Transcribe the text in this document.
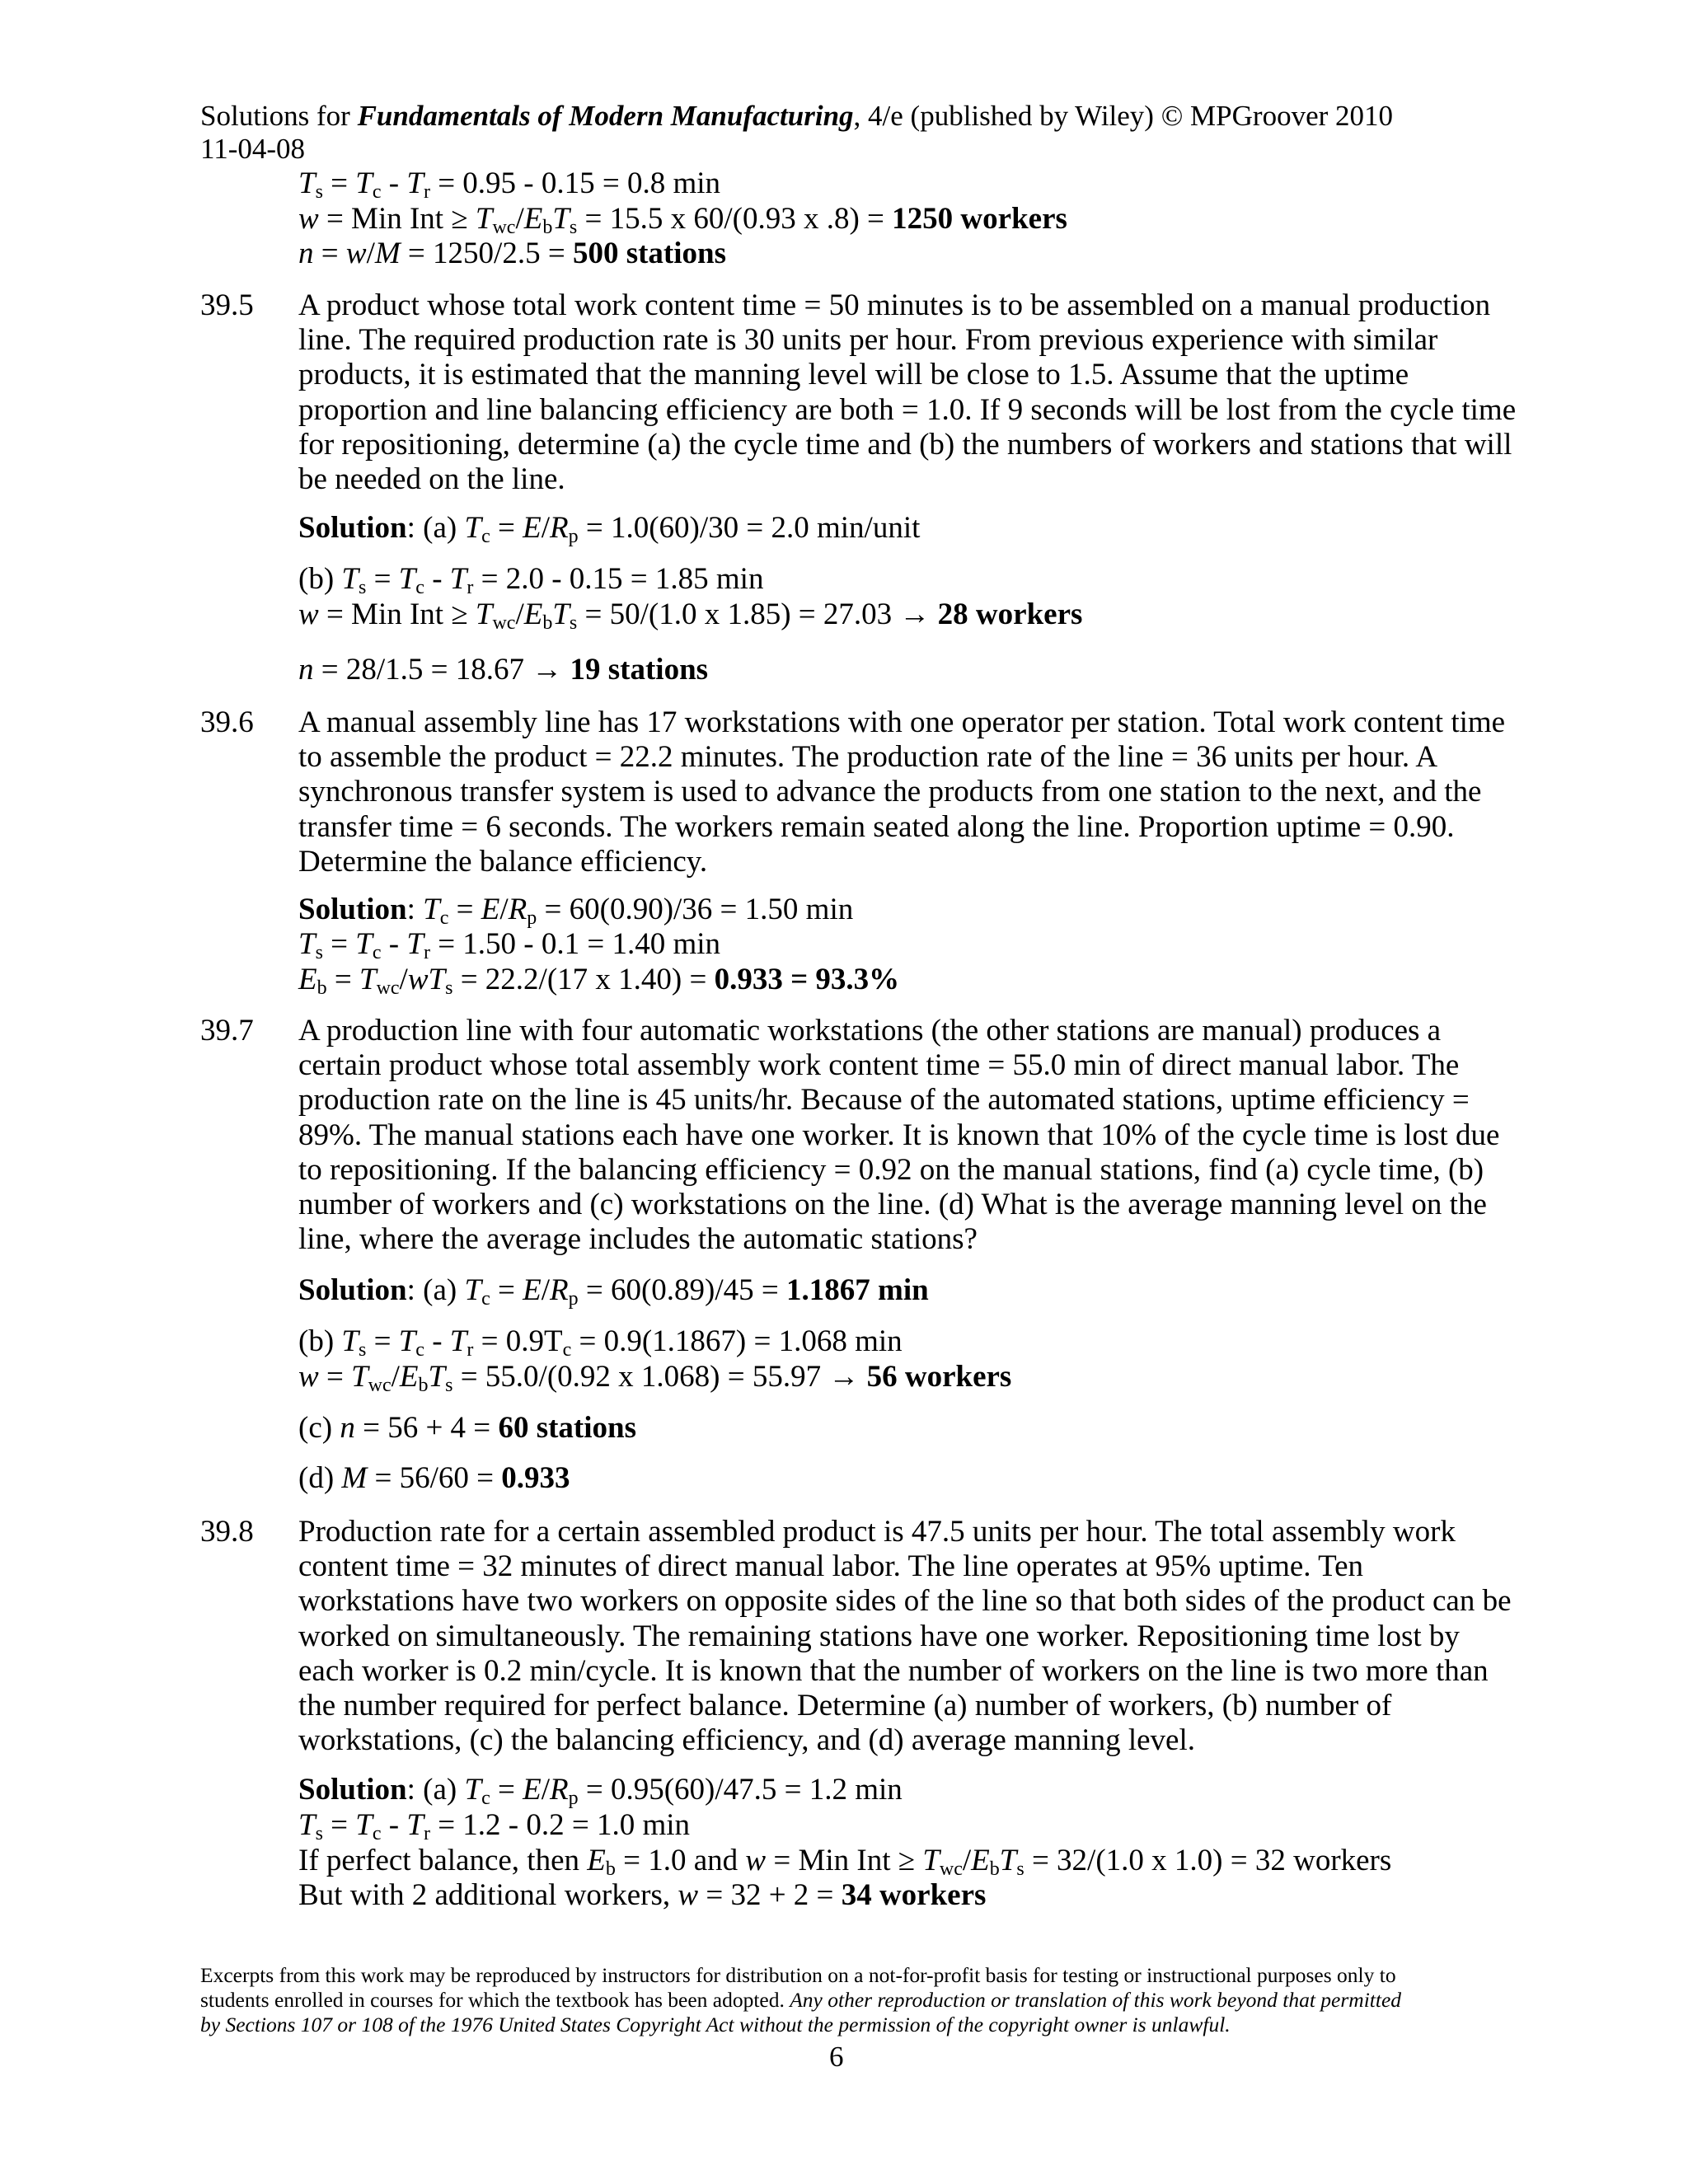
Solutions for Fundamentals of Modern Manufacturing, 4/e (published by Wiley) © MPGroover 2010
11-04-08
$T_s = T_c - T_r = 0.95 - 0.15 = 0.8$ min
w = Min Int ≥ $T_{wc}/E_bT_s = 15.5$ x 60/(0.93 x .8) = 1250 workers
n = w/M = 1250/2.5 = 500 stations
39.5 A product whose total work content time = 50 minutes is to be assembled on a manual production
line. The required production rate is 30 units per hour. From previous experience with similar
products, it is estimated that the manning level will be close to 1.5. Assume that the uptime
proportion and line balancing efficiency are both = 1.0. If 9 seconds will be lost from the cycle time
for repositioning, determine (a) the cycle time and (b) the numbers of workers and stations that will
be needed on the line.
Solution: (a) $T_c = E/R_p = 1.0(60)/30 = 2.0$ min/unit
(b) $T_s = T_c - T_r = 2.0 - 0.15 = 1.85$ min
w = Min Int ≥ $T_{wc}/E_bT_s = 50/(1.0$ x 1.85) = 27.03 → 28 workers
n = 28/1.5 = 18.67 → 19 stations
39.6 A manual assembly line has 17 workstations with one operator per station. Total work content time
to assemble the product = 22.2 minutes. The production rate of the line = 36 units per hour. A
synchronous transfer system is used to advance the products from one station to the next, and the
transfer time = 6 seconds. The workers remain seated along the line. Proportion uptime = 0.90.
Determine the balance efficiency.
Solution: $T_c = E/R_p = 60(0.90)/36 = 1.50$ min
$T_s = T_c - T_r = 1.50 - 0.1 = 1.40$ min
$E_b = T_{wc}/wT_s = 22.2/(17$ x 1.40) = 0.933 = 93.3%
39.7 A production line with four automatic workstations (the other stations are manual) produces a
certain product whose total assembly work content time = 55.0 min of direct manual labor. The
production rate on the line is 45 units/hr. Because of the automated stations, uptime efficiency =
89%. The manual stations each have one worker. It is known that 10% of the cycle time is lost due
to repositioning. If the balancing efficiency = 0.92 on the manual stations, find (a) cycle time, (b)
number of workers and (c) workstations on the line. (d) What is the average manning level on the
line, where the average includes the automatic stations?
Solution: (a) $T_c = E/R_p = 60(0.89)/45 = 1.1867$ min
(b) $T_s = T_c - T_r = 0.9T_c = 0.9(1.1867) = 1.068$ min
$w = T_{wc}/E_bT_s = 55.0/(0.92$ x 1.068) = 55.97 → 56 workers
(c) n = 56 + 4 = 60 stations
(d) M = 56/60 = 0.933
39.8 Production rate for a certain assembled product is 47.5 units per hour. The total assembly work
content time = 32 minutes of direct manual labor. The line operates at 95% uptime. Ten
workstations have two workers on opposite sides of the line so that both sides of the product can be
worked on simultaneously. The remaining stations have one worker. Repositioning time lost by
each worker is 0.2 min/cycle. It is known that the number of workers on the line is two more than
the number required for perfect balance. Determine (a) number of workers, (b) number of
workstations, (c) the balancing efficiency, and (d) average manning level.
Solution: (a) $T_c = E/R_p = 0.95(60)/47.5 = 1.2$ min
$T_s = T_c - T_r = 1.2 - 0.2 = 1.0$ min
If perfect balance, then $E_b = 1.0$ and w = Min Int ≥ $T_{wc}/E_bT_s = 32/(1.0$ x 1.0) = 32 workers
But with 2 additional workers, w = 32 + 2 = 34 workers
Excerpts from this work may be reproduced by instructors for distribution on a not-for-profit basis for testing or instructional purposes only to
students enrolled in courses for which the textbook has been adopted. Any other reproduction or translation of this work beyond that permitted
by Sections 107 or 108 of the 1976 United States Copyright Act without the permission of the copyright owner is unlawful.
6
